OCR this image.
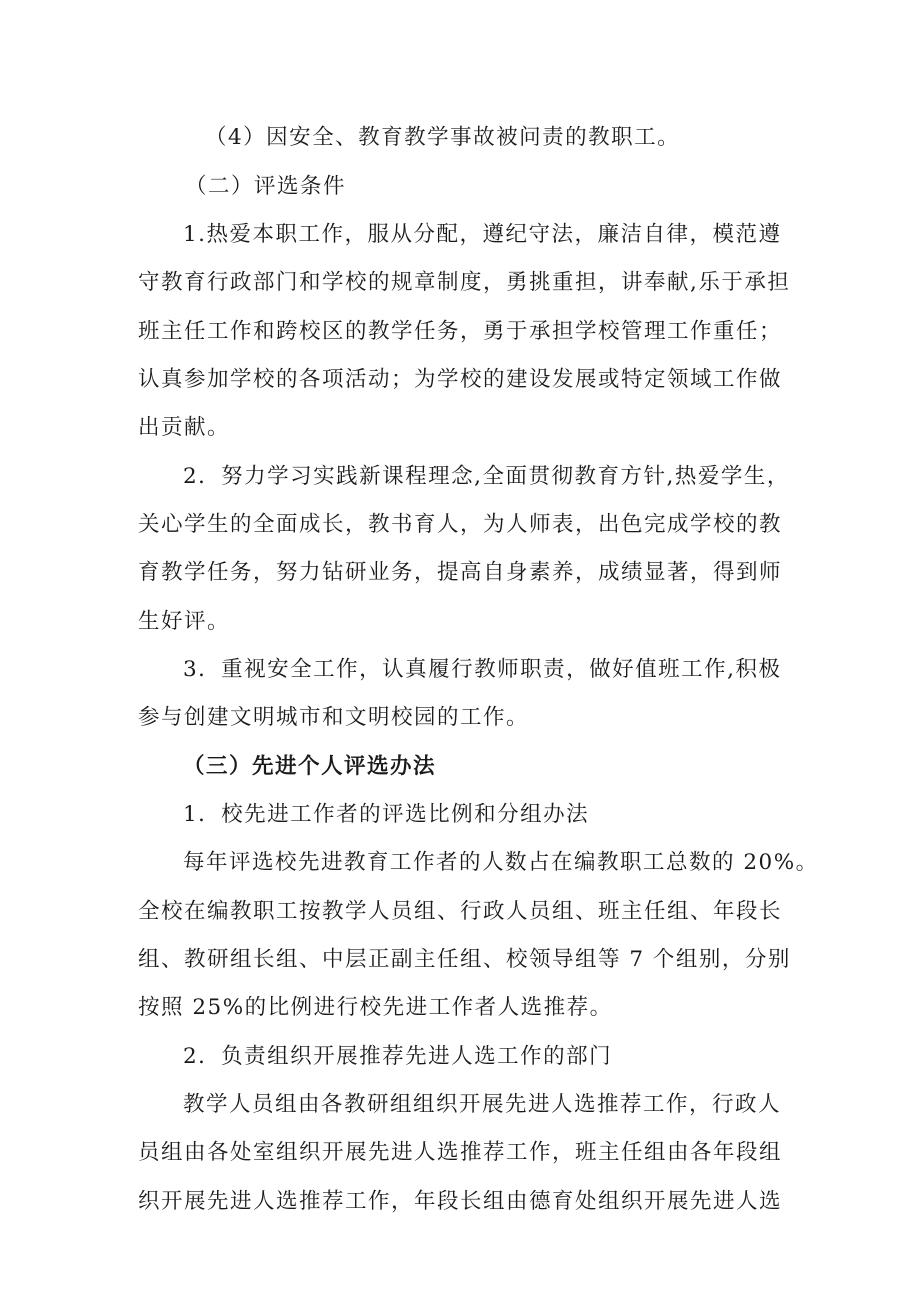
（4）因安全、教育教学事故被问责的教职工。
（二）评选条件
1.热爱本职工作，服从分配，遵纪守法，廉洁自律，模范遵
守教育行政部门和学校的规章制度，勇挑重担，讲奉献,乐于承担
班主任工作和跨校区的教学任务，勇于承担学校管理工作重任；
认真参加学校的各项活动；为学校的建设发展或特定领域工作做
出贡献。
2．努力学习实践新课程理念,全面贯彻教育方针,热爱学生，
关心学生的全面成长，教书育人，为人师表，出色完成学校的教
育教学任务，努力钻研业务，提高自身素养，成绩显著，得到师
生好评。
3．重视安全工作，认真履行教师职责，做好值班工作,积极
参与创建文明城市和文明校园的工作。
（三）先进个人评选办法
1．校先进工作者的评选比例和分组办法
每年评选校先进教育工作者的人数占在编教职工总数的 20%。
全校在编教职工按教学人员组、行政人员组、班主任组、年段长
组、教研组长组、中层正副主任组、校领导组等 7 个组别，分别
按照 25%的比例进行校先进工作者人选推荐。
2．负责组织开展推荐先进人选工作的部门
教学人员组由各教研组组织开展先进人选推荐工作，行政人
员组由各处室组织开展先进人选推荐工作，班主任组由各年段组
织开展先进人选推荐工作，年段长组由德育处组织开展先进人选
